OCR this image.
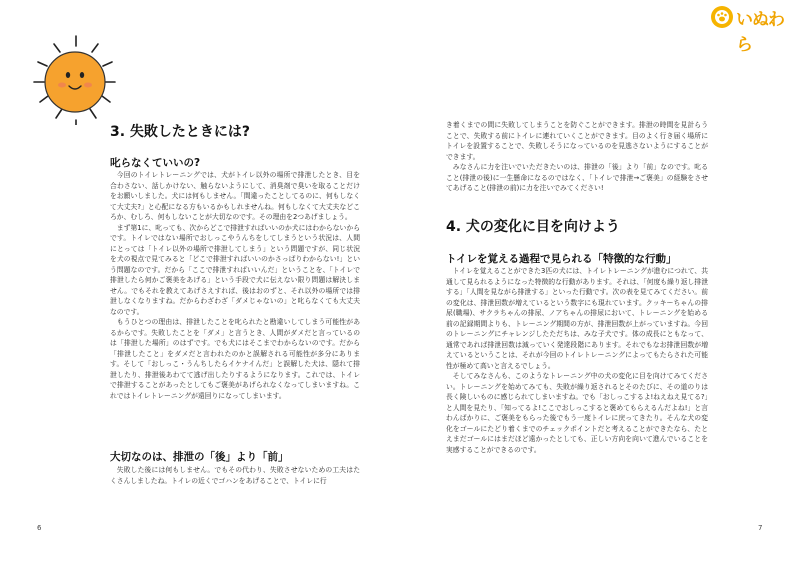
3. 失敗したときには?
叱らなくていいの?

今回のトイレトレーニングでは、犬がトイレ以外の場所で排泄したとき、目を合わさない、話しかけない、触らないようにして、消臭剤で臭いを取ることだけをお願いしました。犬には何もしません。「間違ったことしてるのに、何もしなくて大丈夫?」と心配になる方もいるかもしれませんね。何もしなくて大丈夫などころか、むしろ、何もしないことが大切なのです。その理由を2つあげましょう。

まず第1に、叱っても、次からどこで排泄すればいいのか犬にはわからないからです。トイレではない場所でおしっこやうんちをしてしまうという状況は、人間にとっては「トイレ以外の場所で排泄してしまう」という問題ですが、同じ状況を犬の視点で見てみると「どこで排泄すればいいのかさっぱりわからない!」という問題なのです。だから「ここで排泄すればいいんだ」ということを、「トイレで排泄したら何かご褒美をあげる」という手段で犬に伝えない限り問題は解決しません。でもそれを教えてあげさえすれば、後はおのずと、それ以外の場所では排泄しなくなりますね。だからわざわざ「ダメじゃないの」と叱らなくても大丈夫なのです。

もうひとつの理由は、排泄したことを叱られたと勘違いしてしまう可能性があるからです。失敗したことを「ダメ」と言うとき、人間がダメだと言っているのは「排泄した場所」のはずです。でも犬にはそこまでわからないのです。だから「排泄したこと」をダメだと言われたのかと誤解される可能性が多分にあります。そして「おしっこ・うんちしたらイケナイんだ」と誤解した犬は、隠れて排泄したり、排泄後あわてて逃げ出したりするようになります。これでは、トイレで排泄することがあったとしてもご褒美があげられなくなってしまいますね。これではトイレトレーニングが遠回りになってしまいます。

大切なのは、排泄の「後」より「前」

失敗した後には何もしません。でもその代わり、失敗させないための工夫はたくさんしましたね。トイレの近くでゴハンをあげることで、トイレに行

6
いぬわら

き着くまでの間に失敗してしまうことを防ぐことができます。排泄の時間を見計らうことで、失敗する前にトイレに連れていくことができます。目のよく行き届く場所にトイレを設置することで、失敗しそうになっているのを見逃さないようにすることができます。

みなさんに力を注いでいただきたいのは、排泄の「後」より「前」なのです。叱ること(排泄の後)に一生懸命になるのではなく、「トイレで排泄→ご褒美」の経験をさせてあげること(排泄の前)に力を注いでみてください!

4. 犬の変化に目を向けよう
トイレを覚える過程で見られる「特徴的な行動」

トイレを覚えることができた3匹の犬には、トイレトレーニングが進むにつれて、共通して見られるようになった特徴的な行動があります。それは、「何度も繰り返し排泄する」「人間を見ながら排泄する」といった行動です。次の表を見てみてください。前の変化は、排泄回数が増えているという数字にも現れています。クッキーちゃんの排尿(職場)、サクラちゃんの排尿、ノアちゃんの排尿において、トレーニングを始める前の記録期間よりも、トレーニング期間の方が、排泄回数が上がっていますね。今回のトレーニングにチャレンジしたただちは、みな子犬です。体の成長にともなって、通常であれば排泄回数は減っていく発達段階にあります。それでもなお排泄回数が増えているということは、それが今回のトイレトレーニングによってもたらされた可能性が極めて高いと言えるでしょう。

そしてみなさんも、このようなトレーニング中の犬の変化に目を向けてみてください。トレーニングを始めてみても、失敗が繰り返されるとそのたびに、その道のりは長く険しいものに感じられてしまいますね。でも「おしっこするよ!ねえねえ見てる?」と人間を見たり、「知ってるよ!ここでおしっこすると褒めてもらえるんだよね!」と言わんばかりに、ご褒美をもらった後でもう一度トイレに戻ってきたり。そんな犬の変化をゴールにたどり着くまでのチェックポイントだと考えることができたなら、たとえまだゴールにはまだほど遠かったとしても、正しい方向を向いて進んでいることを実感することができるのです。

7
